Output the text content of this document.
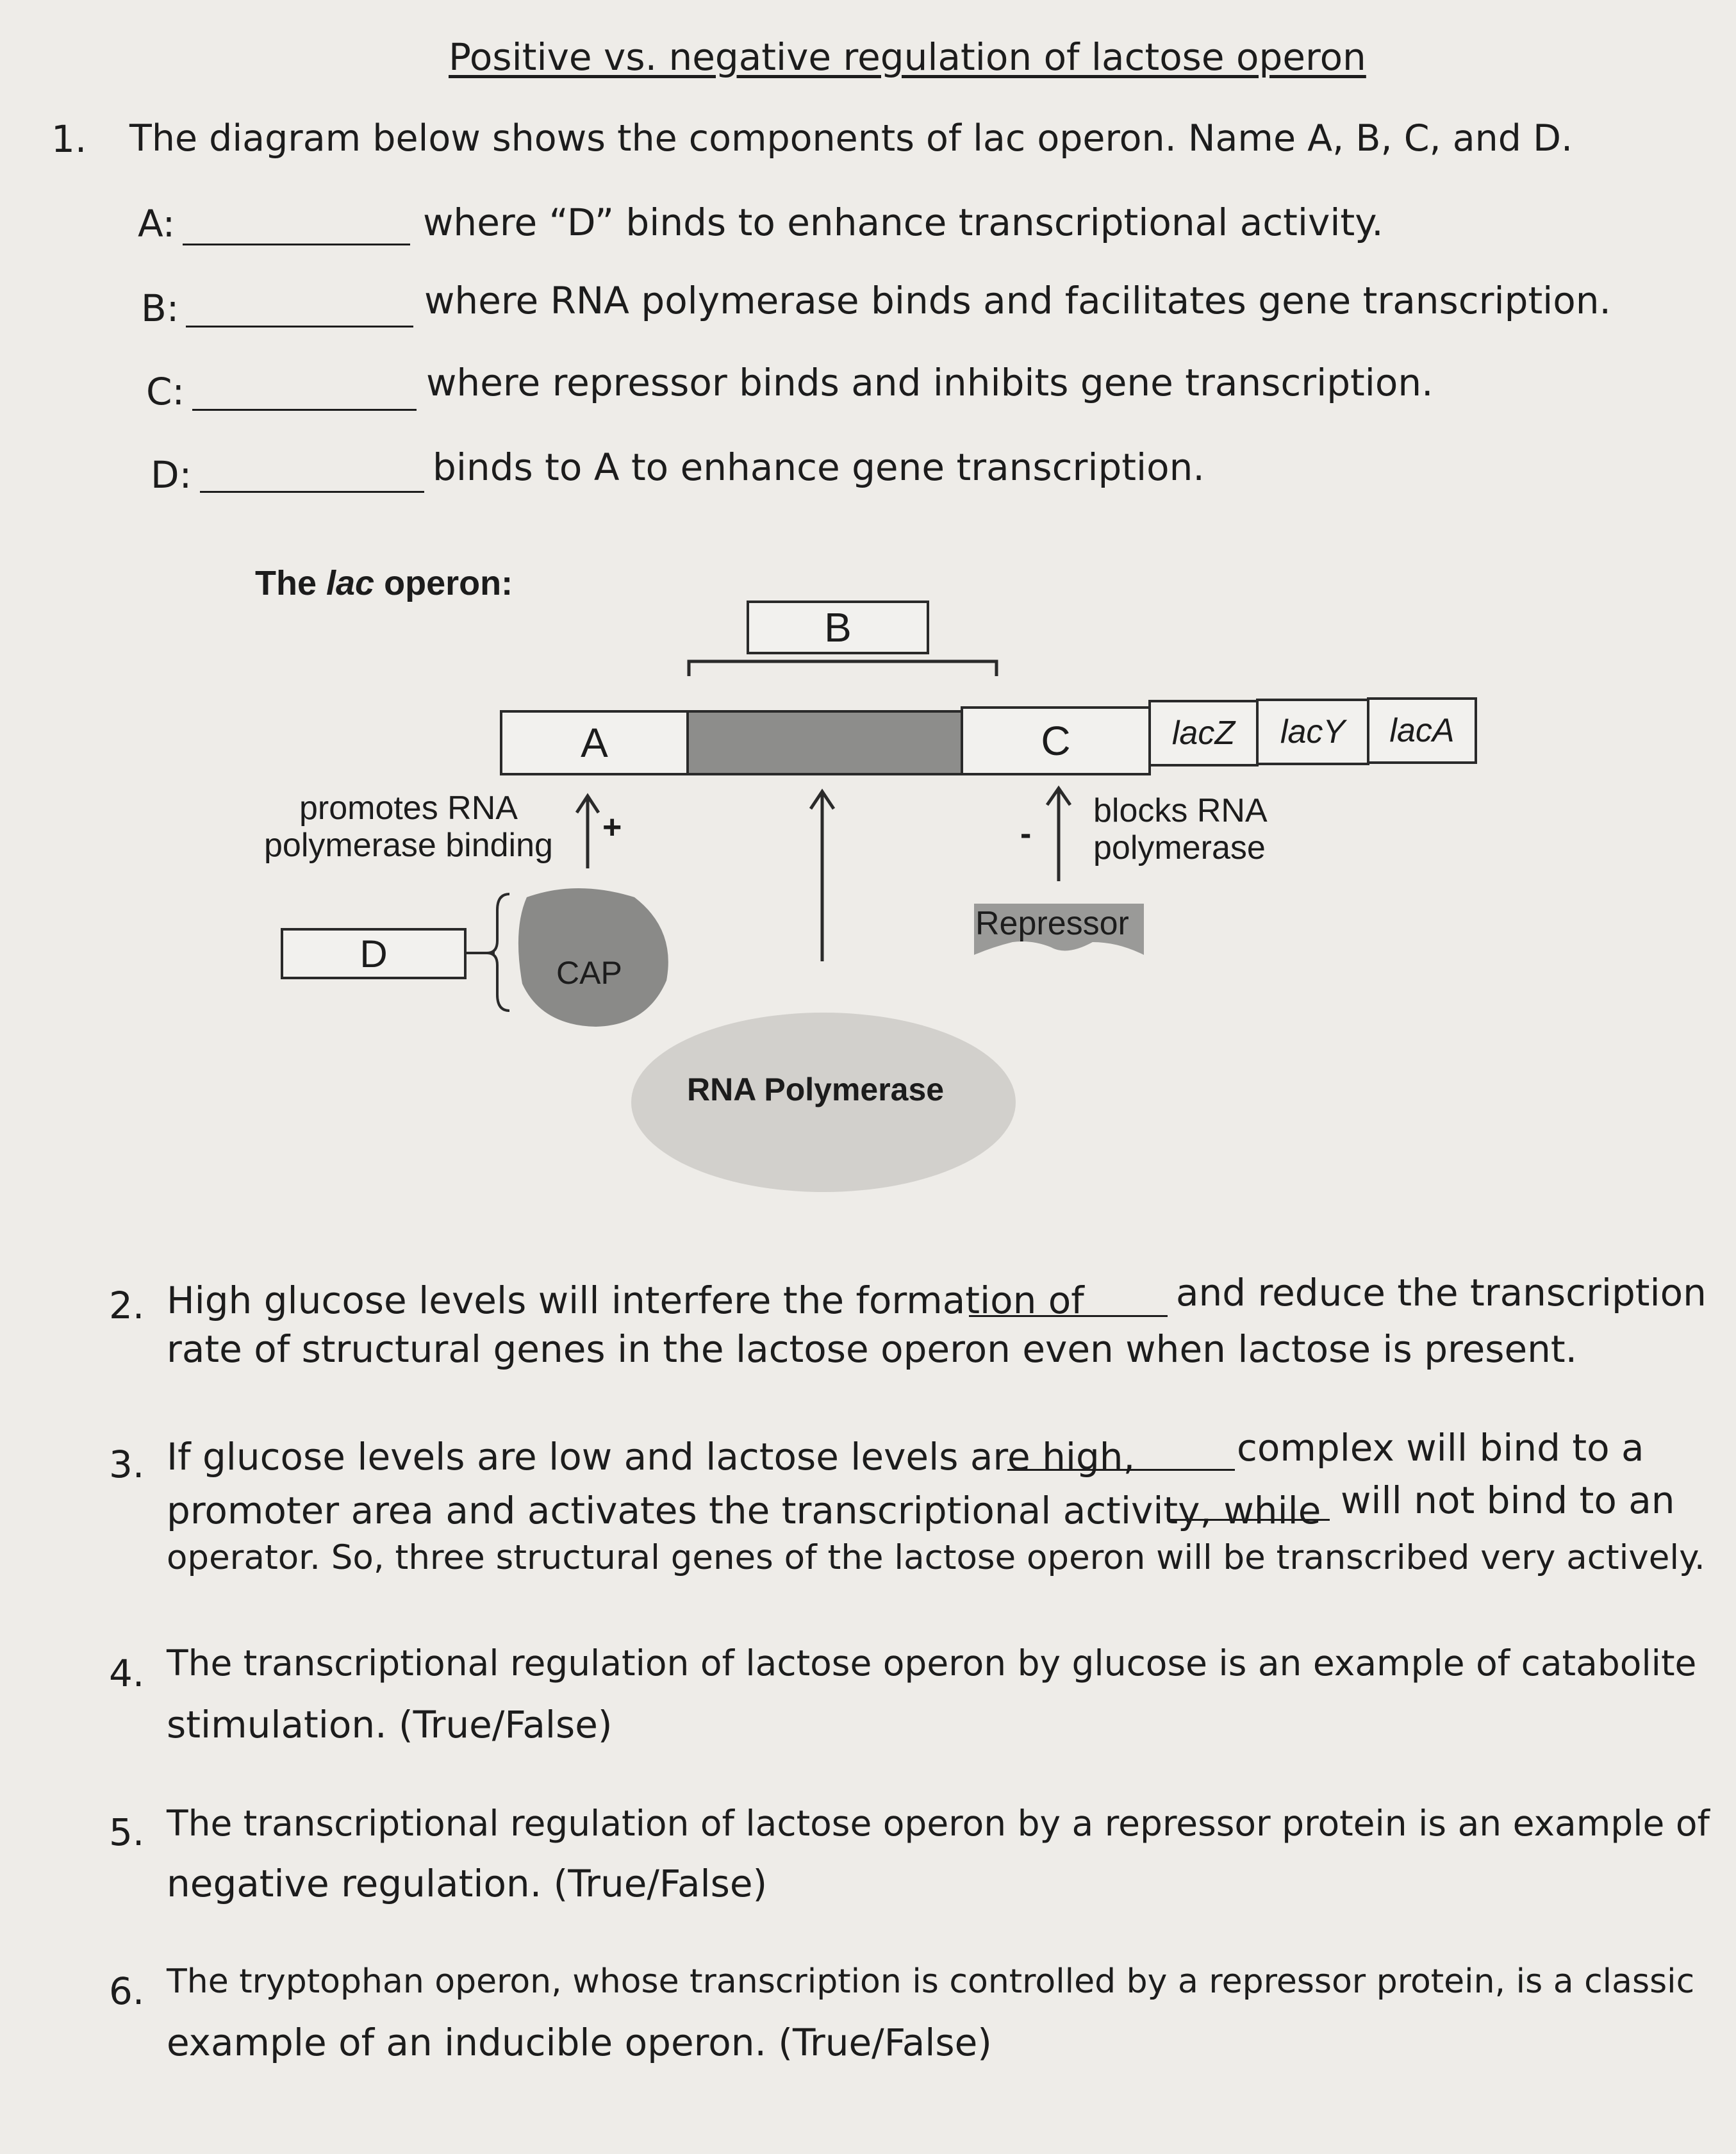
Positive vs. negative regulation of lactose operon
1. The diagram below shows the components of lac operon. Name A, B, C, and D.
A:	where “D” binds to enhance transcriptional activity.
B:	where RNA polymerase binds and facilitates gene transcription.
C:	where repressor binds and inhibits gene transcription.
D:	binds to A to enhance gene transcription.
The lac operon:
B
A	C	lacZ lacY lacA
promotes RNA
polymerase binding +	-
blocks RNA
polymerase
Repressor
D	CAP
RNA Polymerase
2. High glucose levels will interfere the formation of and reduce the transcription
rate of structural genes in the lactose operon even when lactose is present.
3. If glucose levels are low and lactose levels are high,	complex will bind to a
promoter area and activates the transcriptional activity, while will not bind to an
operator. So, three structural genes of the lactose operon will be transcribed very actively.
4. The transcriptional regulation of lactose operon by glucose is an example of catabolite
stimulation. (True/False)
5. The transcriptional regulation of lactose operon by a repressor protein is an example of
negative regulation. (True/False)
6. The tryptophan operon, whose transcription is controlled by a repressor protein, is a classic
example of an inducible operon. (True/False)
